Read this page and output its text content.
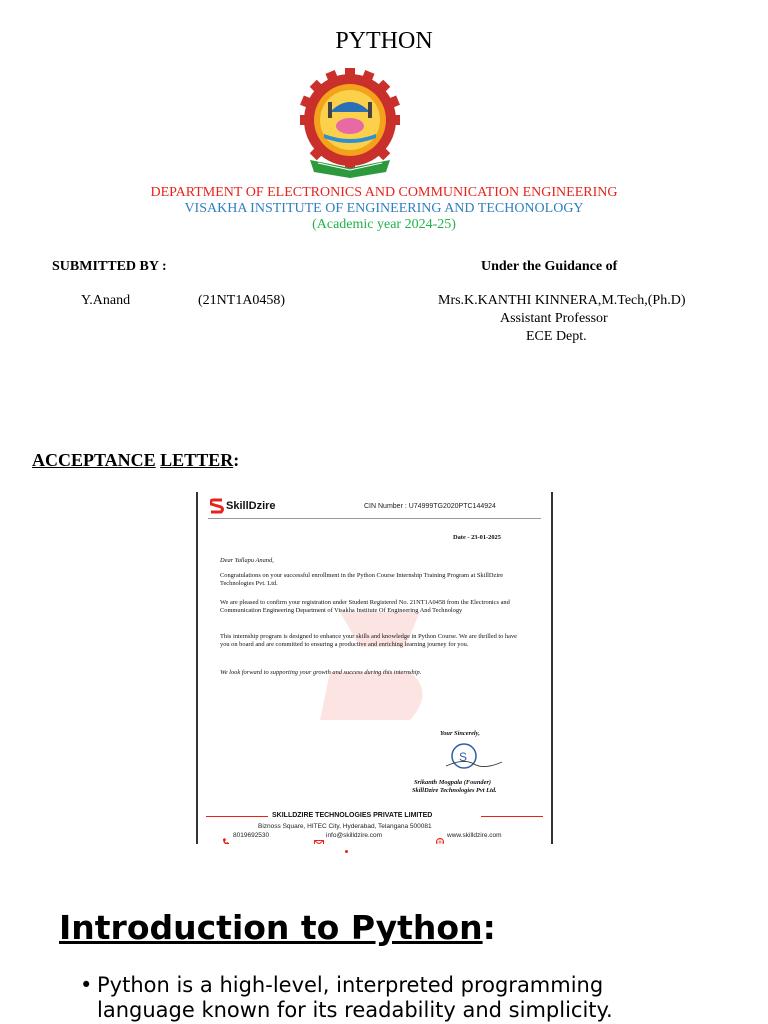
PYTHON
DEPARTMENT OF ELECTRONICS AND COMMUNICATION ENGINEERING
VISAKHA INSTITUTE OF ENGINEERING AND TECHONOLOGY
(Academic year 2024-25)
SUBMITTED BY :	Under the Guidance of
Y.Anand	(21NT1A0458)	Mrs.K.KANTHI KINNERA,M.Tech,(Ph.D)
Assistant Professor
ECE Dept.
ACCEPTANCE LETTER:
SkillDzire	CIN Number : U74999TG2020PTC144924
Date - 23-01-2025
Dear Yallapu Anand,
Congratulations on your successful enrollment in the Python Course Internship Training Program at SkillDzire Technologies Pvt. Ltd.
We are pleased to confirm your registration under Student Registered No. 21NT1A0458 from the Electronics and Communication Engineering Department of Visakha Institute Of Engineering And Technology
This internship program is designed to enhance your skills and knowledge in Python Course. We are thrilled to have you on board and are committed to ensuring a productive and enriching learning journey for you.
We look forward to supporting your growth and success during this internship.
Your Sincerely,
S
Srikanth Mogpala (Founder)
SkillDzire Technologies Pvt Ltd.
SKILLDZIRE TECHNOLOGIES PRIVATE LIMITED
Biznoss Square, HITEC City, Hyderabad, Telangana 500081
8019692530	info@skilldzire.com	www.skilldzire.com
Introduction to Python:
• Python is a high-level, interpreted programming language known for its readability and simplicity.
